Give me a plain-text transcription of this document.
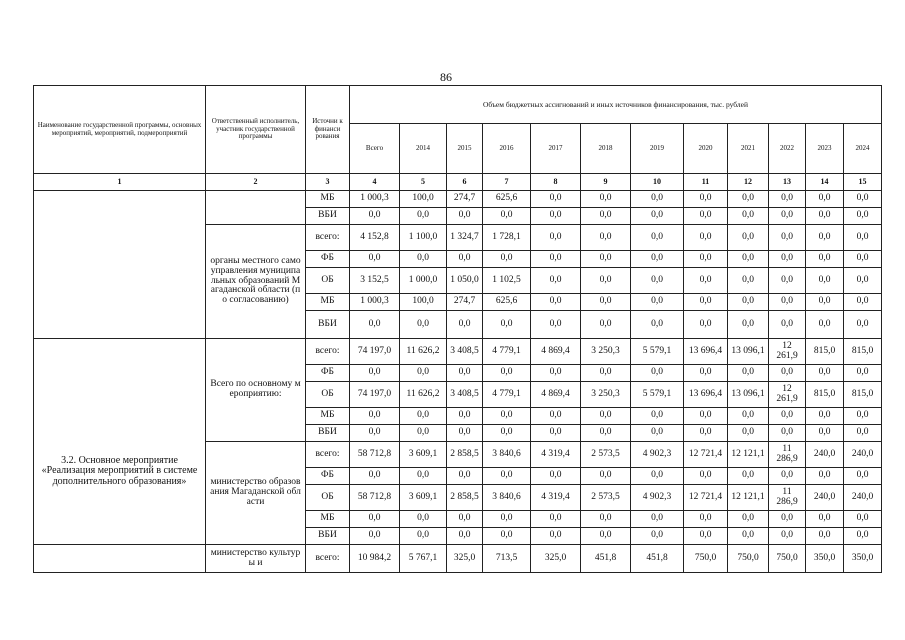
86
Наименование государственной программы, основных мероприятий, мероприятий, подмероприятий	Ответственный исполнитель, участник государственной программы	Источни к финанси рования	Объем бюджетных ассигнований и иных источников финансирования, тыс. рублей											
			Всего	2014	2015	2016	2017	2018	2019	2020	2021	2022	2023	2024
1	2	3	4	5	6	7	8	9	10	11	12	13	14	15
		МБ	1 000,3	100,0	274,7	625,6	0,0	0,0	0,0	0,0	0,0	0,0	0,0	0,0
		ВБИ	0,0	0,0	0,0	0,0	0,0	0,0	0,0	0,0	0,0	0,0	0,0	0,0
	органы местного самоуправления муниципальных образований Магаданской области (по согласованию)	всего:	4 152,8	1 100,0	1 324,7	1 728,1	0,0	0,0	0,0	0,0	0,0	0,0	0,0	0,0
		ФБ	0,0	0,0	0,0	0,0	0,0	0,0	0,0	0,0	0,0	0,0	0,0	0,0
		ОБ	3 152,5	1 000,0	1 050,0	1 102,5	0,0	0,0	0,0	0,0	0,0	0,0	0,0	0,0
		МБ	1 000,3	100,0	274,7	625,6	0,0	0,0	0,0	0,0	0,0	0,0	0,0	0,0
		ВБИ	0,0	0,0	0,0	0,0	0,0	0,0	0,0	0,0	0,0	0,0	0,0	0,0
3.2. Основное мероприятие «Реализация мероприятий в системе дополнительного образования»	Всего по основному мероприятию:	всего:	74 197,0	11 626,2	3 408,5	4 779,1	4 869,4	3 250,3	5 579,1	13 696,4	13 096,1	12 261,9	815,0	815,0
		ФБ	0,0	0,0	0,0	0,0	0,0	0,0	0,0	0,0	0,0	0,0	0,0	0,0
		ОБ	74 197,0	11 626,2	3 408,5	4 779,1	4 869,4	3 250,3	5 579,1	13 696,4	13 096,1	12 261,9	815,0	815,0
		МБ	0,0	0,0	0,0	0,0	0,0	0,0	0,0	0,0	0,0	0,0	0,0	0,0
		ВБИ	0,0	0,0	0,0	0,0	0,0	0,0	0,0	0,0	0,0	0,0	0,0	0,0
	министерство образования Магаданской области	всего:	58 712,8	3 609,1	2 858,5	3 840,6	4 319,4	2 573,5	4 902,3	12 721,4	12 121,1	11 286,9	240,0	240,0
		ФБ	0,0	0,0	0,0	0,0	0,0	0,0	0,0	0,0	0,0	0,0	0,0	0,0
		ОБ	58 712,8	3 609,1	2 858,5	3 840,6	4 319,4	2 573,5	4 902,3	12 721,4	12 121,1	11 286,9	240,0	240,0
		МБ	0,0	0,0	0,0	0,0	0,0	0,0	0,0	0,0	0,0	0,0	0,0	0,0
		ВБИ	0,0	0,0	0,0	0,0	0,0	0,0	0,0	0,0	0,0	0,0	0,0	0,0
	министерство культуры и	всего:	10 984,2	5 767,1	325,0	713,5	325,0	451,8	451,8	750,0	750,0	750,0	350,0	350,0
